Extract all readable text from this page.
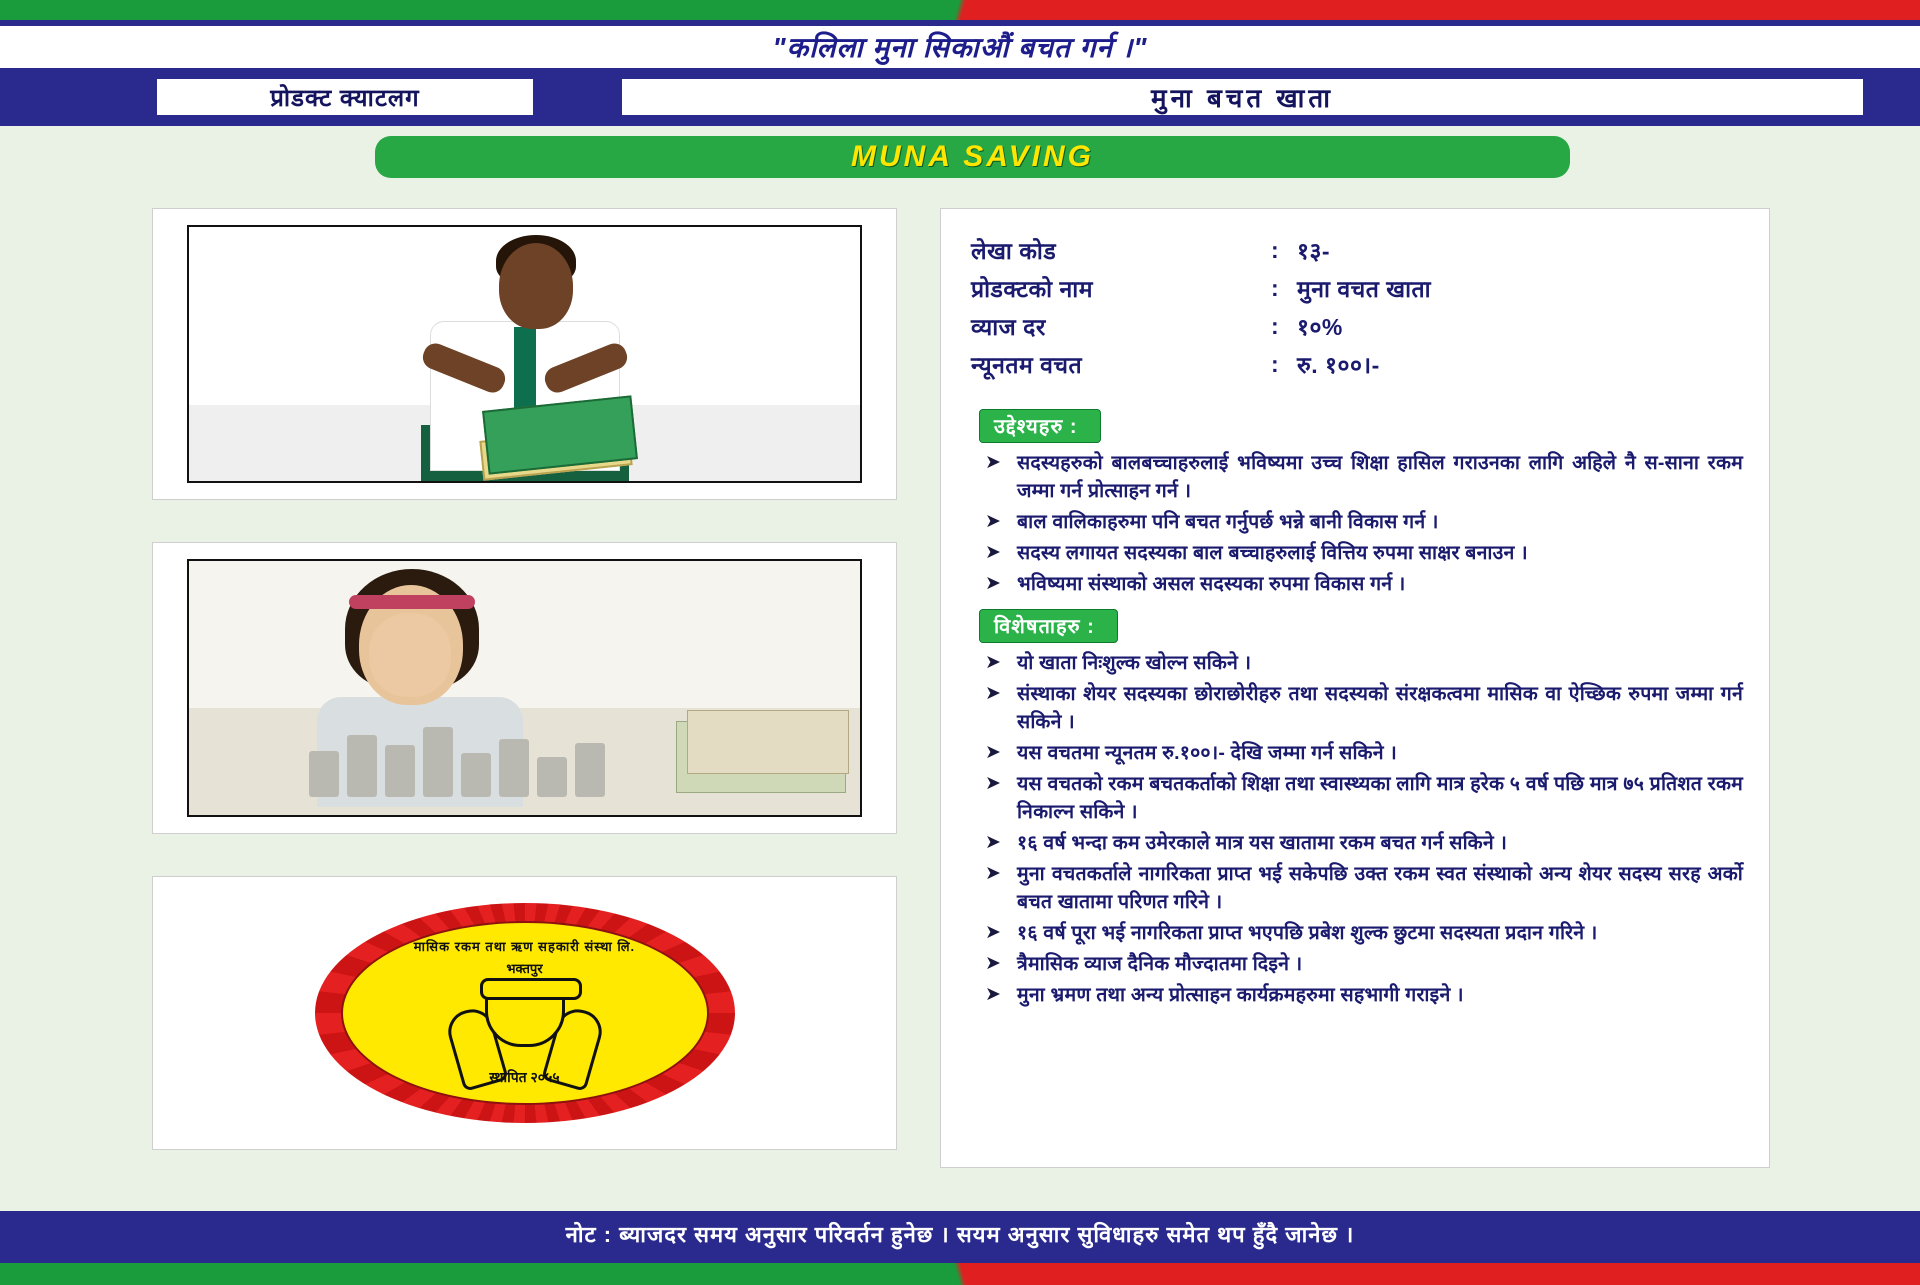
"कलिला मुना सिकाऔं बचत गर्न ।"
प्रोडक्ट क्याटलग	मुना बचत खाता
MUNA SAVING
मासिक रकम तथा ऋण सहकारी संस्था लि.
भक्तपुर
स्थापित २०५५
लेखा कोड	:	१३-
प्रोडक्टको नाम	:	मुना वचत खाता
व्याज दर	:	१०%
न्यूनतम वचत	:	रु. १००।-
उद्देश्यहरु :
➤ सदस्यहरुको बालबच्चाहरुलाई भविष्यमा उच्च शिक्षा हासिल गराउनका लागि अहिले नै स-साना रकम जम्मा गर्न प्रोत्साहन गर्न ।
➤ बाल वालिकाहरुमा पनि बचत गर्नुपर्छ भन्ने बानी विकास गर्न ।
➤ सदस्य लगायत सदस्यका बाल बच्चाहरुलाई वित्तिय रुपमा साक्षर बनाउन ।
➤ भविष्यमा संस्थाको असल सदस्यका रुपमा विकास गर्न ।
विशेषताहरु :
➤ यो खाता निःशुल्क खोल्न सकिने ।
➤ संस्थाका शेयर सदस्यका छोराछोरीहरु तथा सदस्यको संरक्षकत्वमा मासिक वा ऐच्छिक रुपमा जम्मा गर्न सकिने ।
➤ यस वचतमा न्यूनतम रु.१००।- देखि जम्मा गर्न सकिने ।
➤ यस वचतको रकम बचतकर्ताको शिक्षा तथा स्वास्थ्यका लागि मात्र हरेक ५ वर्ष पछि मात्र ७५ प्रतिशत रकम निकाल्न सकिने ।
➤ १६ वर्ष भन्दा कम उमेरकाले मात्र यस खातामा रकम बचत गर्न सकिने ।
➤ मुना वचतकर्ताले नागरिकता प्राप्त भई सकेपछि उक्त रकम स्वत संस्थाको अन्य शेयर सदस्य सरह अर्को बचत खातामा परिणत गरिने ।
➤ १६ वर्ष पूरा भई नागरिकता प्राप्त भएपछि प्रबेश शुल्क छुटमा सदस्यता प्रदान गरिने ।
➤ त्रैमासिक व्याज दैनिक मौज्दातमा दिइने ।
➤ मुना भ्रमण तथा अन्य प्रोत्साहन कार्यक्रमहरुमा सहभागी गराइने ।
नोट : ब्याजदर समय अनुसार परिवर्तन हुनेछ । सयम अनुसार सुविधाहरु समेत थप हुँदै जानेछ ।
